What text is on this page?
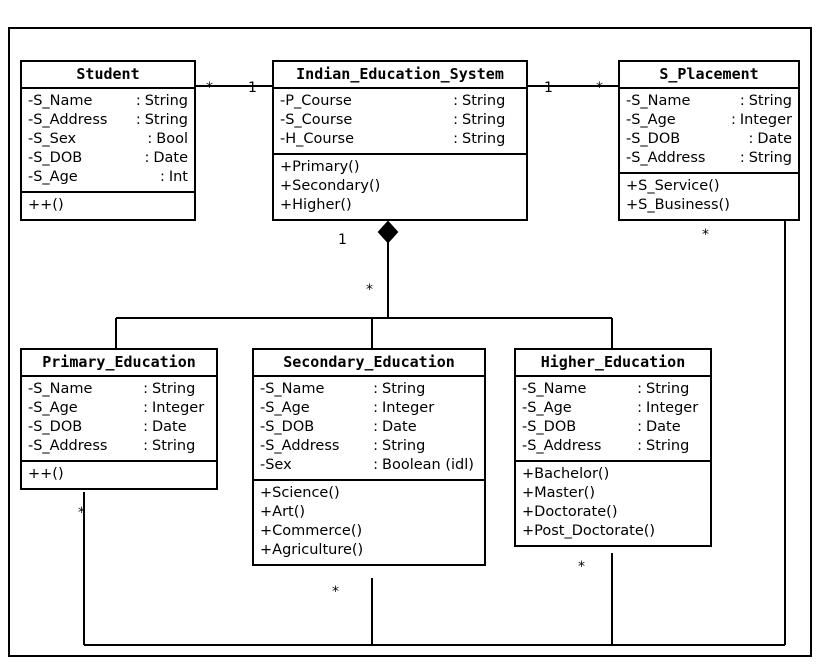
Student
-S_Name	: String
-S_Address	: String
-S_Sex	: Bool
-S_DOB	: Date
-S_Age	: Int
++()
Indian_Education_System
-P_Course	: String
-S_Course	: String
-H_Course	: String
+Primary()
+Secondary()
+Higher()
S_Placement
-S_Name	: String
-S_Age	: Integer
-S_DOB	: Date
-S_Address	: String
+S_Service()
+S_Business()
Primary_Education
-S_Name	: String
-S_Age	: Integer
-S_DOB	: Date
-S_Address	: String
++()
Secondary_Education
-S_Name	: String
-S_Age	: Integer
-S_DOB	: Date
-S_Address	: String
-Sex	: Boolean (idl)
+Science()
+Art()
+Commerce()
+Agriculture()
Higher_Education
-S_Name	: String
-S_Age	: Integer
-S_DOB	: Date
-S_Address	: String
+Bachelor()
+Master()
+Doctorate()
+Post_Doctorate()
*	1	1	*
1
*
*
*
*
*
